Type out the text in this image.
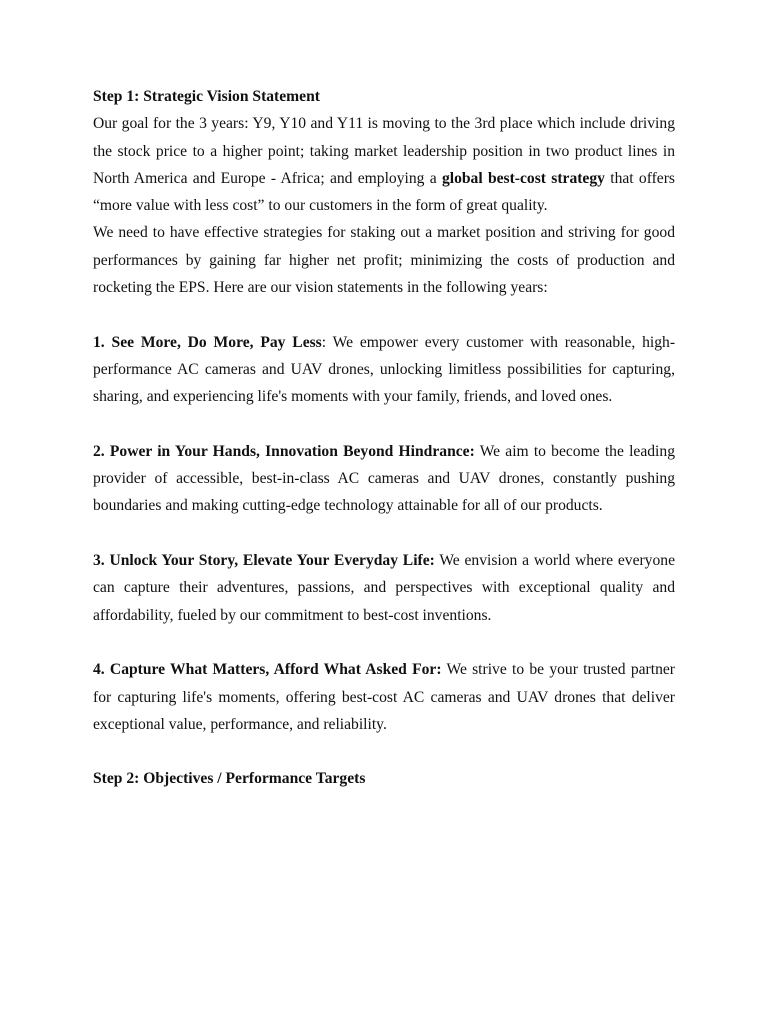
Step 1: Strategic Vision Statement

Our goal for the 3 years: Y9, Y10 and Y11 is moving to the 3rd place which include driving the stock price to a higher point; taking market leadership position in two product lines in North America and Europe - Africa; and employing a global best-cost strategy that offers “more value with less cost” to our customers in the form of great quality.

We need to have effective strategies for staking out a market position and striving for good performances by gaining far higher net profit; minimizing the costs of production and rocketing the EPS. Here are our vision statements in the following years:

1. See More, Do More, Pay Less: We empower every customer with reasonable, high-performance AC cameras and UAV drones, unlocking limitless possibilities for capturing, sharing, and experiencing life's moments with your family, friends, and loved ones.

2. Power in Your Hands, Innovation Beyond Hindrance: We aim to become the leading provider of accessible, best-in-class AC cameras and UAV drones, constantly pushing boundaries and making cutting-edge technology attainable for all of our products.

3. Unlock Your Story, Elevate Your Everyday Life: We envision a world where everyone can capture their adventures, passions, and perspectives with exceptional quality and affordability, fueled by our commitment to best-cost inventions.

4. Capture What Matters, Afford What Asked For: We strive to be your trusted partner for capturing life's moments, offering best-cost AC cameras and UAV drones that deliver exceptional value, performance, and reliability.

Step 2: Objectives / Performance Targets
